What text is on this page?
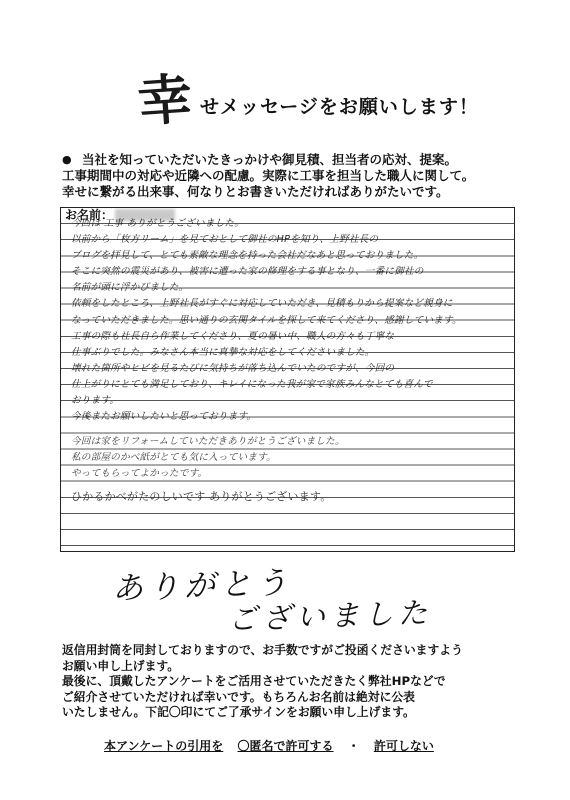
幸 せメッセージをお願いします！
● 当社を知っていただいたきっかけや御見積、担当者の応対、提案。
工事期間中の対応や近隣への配慮。実際に工事を担当した職人に関して。
幸せに繋がる出来事、何なりとお書きいただければありがたいです。
お名前：
今回は 工事 ありがとうございました。
以前から「枚方リーム」を見ておとして御社のHPを知り、上野社長の
ブログを拝見して、とても素敵な理念を持った会社だなあと思っておりました。
そこに突然の震災があり、被害に遭った家の修理をする事となり、一番に御社の
名前が頭に浮かびました。
依頼をしたところ、上野社長がすぐに対応していただき、見積もりから提案など親身に
なっていただきました。思い通りの玄関タイルを探して来てくださり、感謝しています。
工事の際も社長自ら作業してくださり、夏の暑い中、職人の方々も丁寧な
仕事ぶりでした。みなさん本当に真摯な対応をしてくださいました。
壊れた箇所やヒビを見るたびに気持ちが落ち込んでいたのですが、今回の
仕上がりにとても満足しており、キレイになった我が家で家族みんなとても喜んで
おります。
今後またお願いしたいと思っております。
今回は家をリフォームしていただきありがとうございました。
私の部屋のかべ紙がとても気に入っています。
やってもらってよかったです。
ひかるかべがたのしいです ありがとうございます。
ありがとう
ございました
返信用封筒を同封しておりますので、お手数ですがご投函くださいますよう
お願い申し上げます。
最後に、頂戴したアンケートをご活用させていただきたく弊社HPなどで
ご紹介させていただければ幸いです。もちろんお名前は絶対に公表
いたしません。下記〇印にてご了承サインをお願い申し上げます。
本アンケートの引用を 〇匿名で許可する ・ 許可しない
